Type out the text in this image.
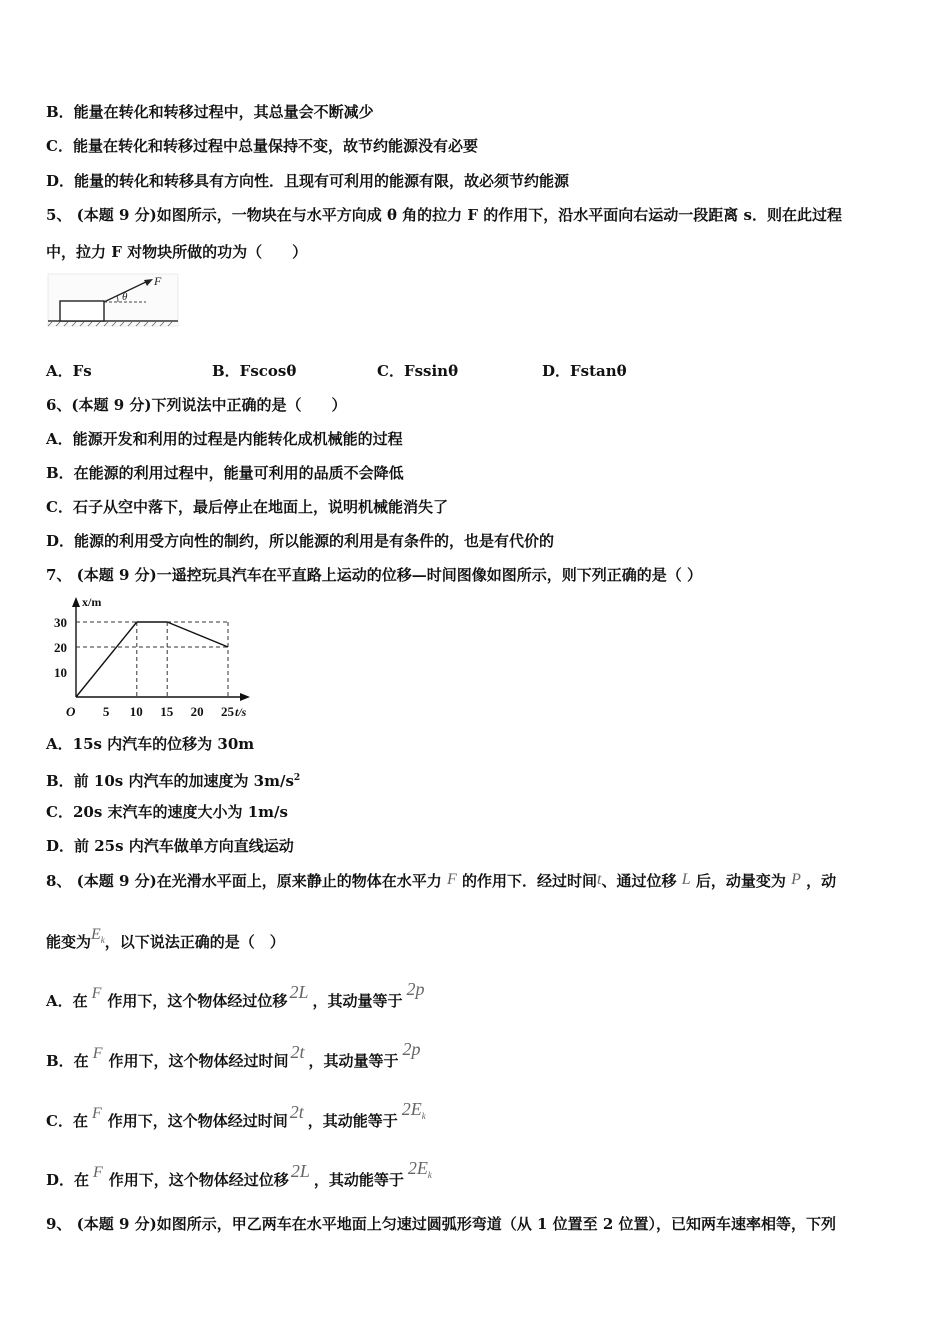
B．能量在转化和转移过程中，其总量会不断减少
C．能量在转化和转移过程中总量保持不变，故节约能源没有必要
D．能量的转化和转移具有方向性．且现有可利用的能源有限，故必须节约能源
5、 (本题 9 分)如图所示，一物块在与水平方向成 θ 角的拉力 F 的作用下，沿水平面向右运动一段距离 s．则在此过程
中，拉力 F 对物块所做的功为（　　）
F
θ
A．Fs	B．Fscosθ	C．Fssinθ	D．Fstanθ
6、(本题 9 分)下列说法中正确的是（　　）
A．能源开发和利用的过程是内能转化成机械能的过程
B．在能源的利用过程中，能量可利用的品质不会降低
C．石子从空中落下，最后停止在地面上，说明机械能消失了
D．能源的利用受方向性的制约，所以能源的利用是有条件的，也是有代价的
7、 (本题 9 分)一遥控玩具汽车在平直路上运动的位移—时间图像如图所示，则下列正确的是（ ）
x/m
t/s
O
10
20
30
5 10 15 20 25
A．15s 内汽车的位移为 30m
B．前 10s 内汽车的加速度为 $3m/s^2$
C．20s 末汽车的速度大小为 1m/s
D．前 25s 内汽车做单方向直线运动
8、 (本题 9 分)在光滑水平面上，原来静止的物体在水平力 F 的作用下．经过时间t、通过位移 L 后，动量变为 P ，动
能变为$E_k$，以下说法正确的是（　）
A．在 F 作用下，这个物体经过位移 2L ，其动量等于2p
B．在 F 作用下，这个物体经过时间 2t ，其动量等于2p
C．在 F 作用下，这个物体经过时间 2t ，其动能等于$2E_k$
D．在 F 作用下，这个物体经过位移 2L ，其动能等于$2E_k$
9、 (本题 9 分)如图所示，甲乙两车在水平地面上匀速过圆弧形弯道（从 1 位置至 2 位置），已知两车速率相等，下列
